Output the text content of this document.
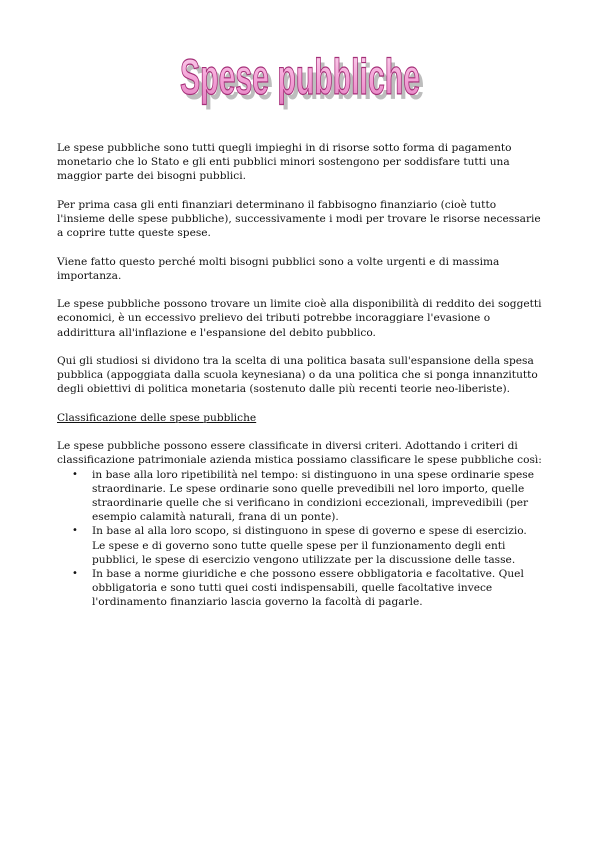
Spese pubbliche
Spese pubbliche

Le spese pubbliche sono tutti quegli impieghi in di risorse sotto forma di pagamento monetario che lo Stato e gli enti pubblici minori sostengono per soddisfare tutti una maggior parte dei bisogni pubblici.

Per prima casa gli enti finanziari determinano il fabbisogno finanziario (cioè tutto l'insieme delle spese pubbliche), successivamente i modi per trovare le risorse necessarie a coprire tutte queste spese.

Viene fatto questo perché molti bisogni pubblici sono a volte urgenti e di massima importanza.

Le spese pubbliche possono trovare un limite cioè alla disponibilità di reddito dei soggetti economici, è un eccessivo prelievo dei tributi potrebbe incoraggiare l'evasione o addirittura all'inflazione e l'espansione del debito pubblico.

Qui gli studiosi si dividono tra la scelta di una politica basata sull'espansione della spesa pubblica (appoggiata dalla scuola keynesiana) o da una politica che si ponga innanzitutto degli obiettivi di politica monetaria (sostenuto dalle più recenti teorie neo-liberiste).

Classificazione delle spese pubbliche

Le spese pubbliche possono essere classificate in diversi criteri. Adottando i criteri di classificazione patrimoniale azienda mistica possiamo classificare le spese pubbliche così:

• in base alla loro ripetibilità nel tempo: si distinguono in una spese ordinarie spese straordinarie. Le spese ordinarie sono quelle prevedibili nel loro importo, quelle straordinarie quelle che si verificano in condizioni eccezionali, imprevedibili (per esempio calamità naturali, frana di un ponte).
• In base al alla loro scopo, si distinguono in spese di governo e spese di esercizio. Le spese e di governo sono tutte quelle spese per il funzionamento degli enti pubblici, le spese di esercizio vengono utilizzate per la discussione delle tasse.
• In base a norme giuridiche e che possono essere obbligatoria e facoltative. Quel obbligatoria e sono tutti quei costi indispensabili, quelle facoltative invece l'ordinamento finanziario lascia governo la facoltà di pagarle.
